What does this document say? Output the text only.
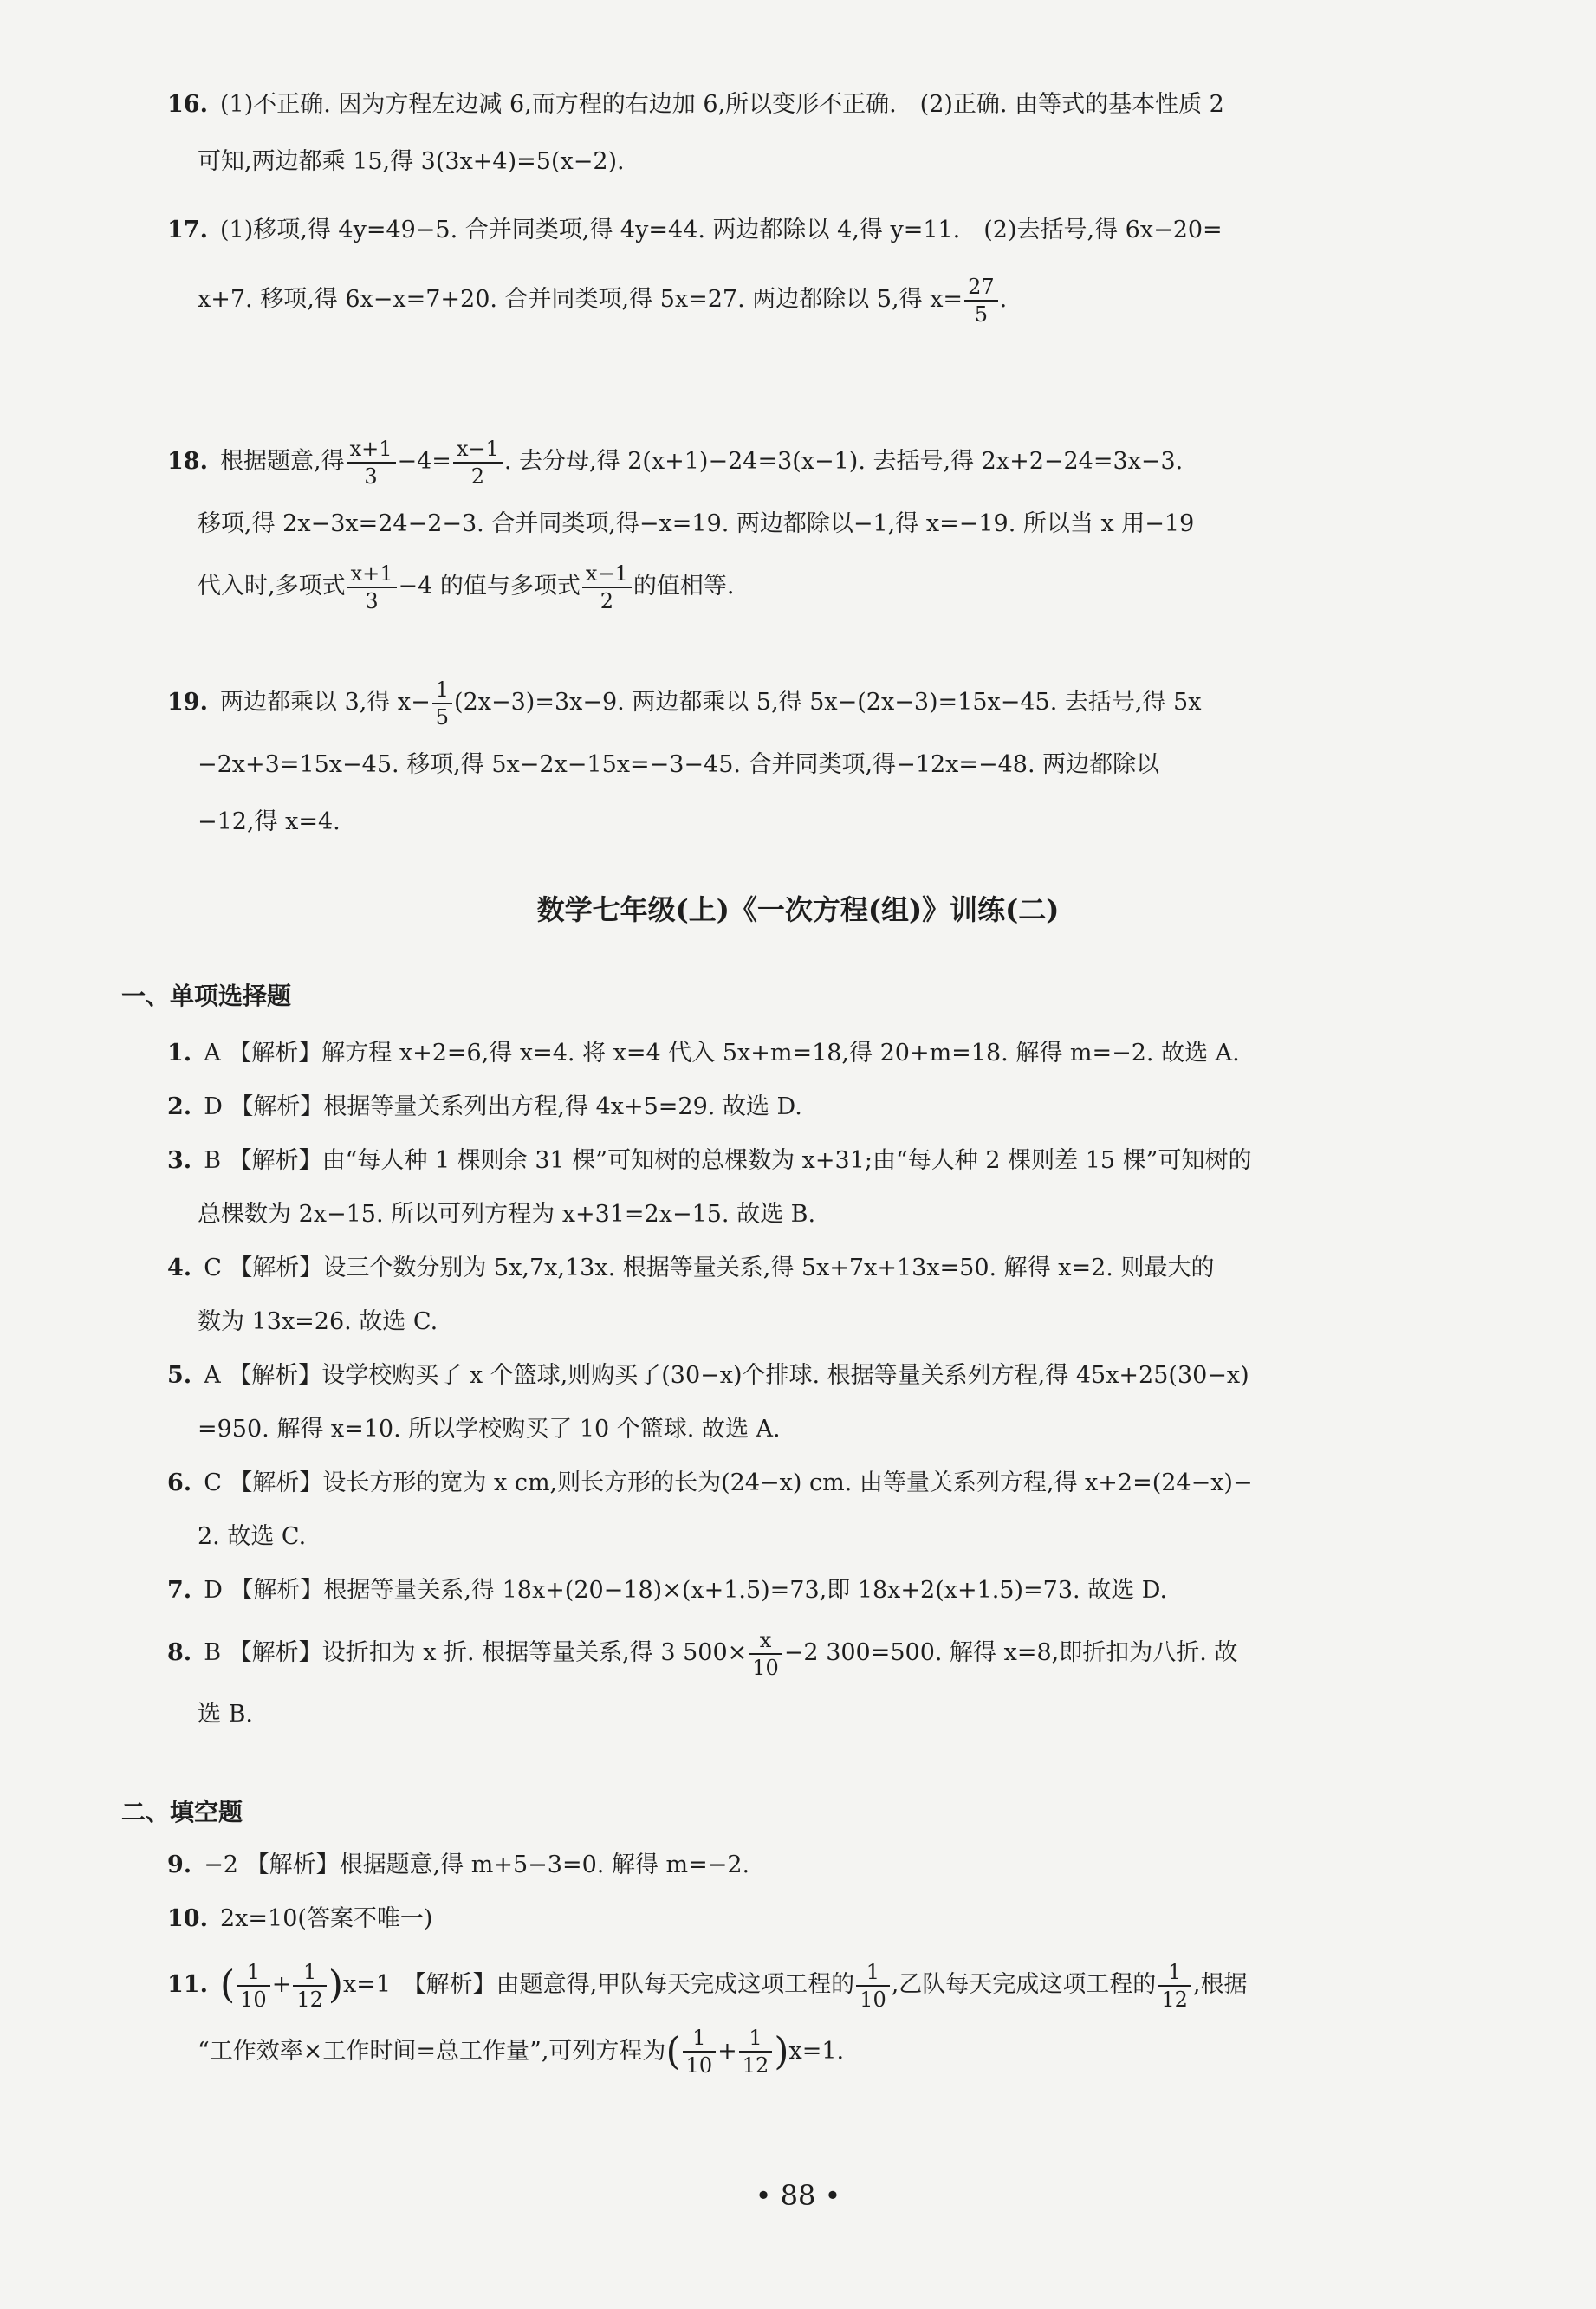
16. (1)不正确. 因为方程左边减 6,而方程的右边加 6,所以变形不正确.　(2)正确. 由等式的基本性质 2
可知,两边都乘 15,得 3(3x+4)=5(x−2).
17. (1)移项,得 4y=49−5. 合并同类项,得 4y=44. 两边都除以 4,得 y=11.　(2)去括号,得 6x−20=
x+7. 移项,得 6x−x=7+20. 合并同类项,得 5x=27. 两边都除以 5,得 $x= \frac{27}{5}$ .
18. 根据题意,得 $\frac{x+1}{3} -4= \frac{x-1}{2}$ . 去分母,得 2(x+1)−24=3(x−1). 去括号,得 2x+2−24=3x−3.
移项,得 2x−3x=24−2−3. 合并同类项,得−x=19. 两边都除以−1,得 x=−19. 所以当 x 用−19
代入时,多项式 $\frac{x+1}{3} -4$ 的值与多项式 $\frac{x-1}{2}$ 的值相等.
19. 两边都乘以 3,得 $x- \frac{1}{5} (2x-3)=3x-9$. 两边都乘以 5,得 5x−(2x−3)=15x−45. 去括号,得 5x
−2x+3=15x−45. 移项,得 5x−2x−15x=−3−45. 合并同类项,得−12x=−48. 两边都除以
−12,得 x=4.
数学七年级(上)《一次方程(组)》训练(二)
一、单项选择题
1. A 【解析】解方程 x+2=6,得 x=4. 将 x=4 代入 5x+m=18,得 20+m=18. 解得 m=−2. 故选 A.
2. D 【解析】根据等量关系列出方程,得 4x+5=29. 故选 D.
3. B 【解析】由“每人种 1 棵则余 31 棵”可知树的总棵数为 x+31;由“每人种 2 棵则差 15 棵”可知树的
总棵数为 2x−15. 所以可列方程为 x+31=2x−15. 故选 B.
4. C 【解析】设三个数分别为 5x,7x,13x. 根据等量关系,得 5x+7x+13x=50. 解得 x=2. 则最大的
数为 13x=26. 故选 C.
5. A 【解析】设学校购买了 x 个篮球,则购买了(30−x)个排球. 根据等量关系列方程,得 45x+25(30−x)
=950. 解得 x=10. 所以学校购买了 10 个篮球. 故选 A.
6. C 【解析】设长方形的宽为 x cm,则长方形的长为(24−x) cm. 由等量关系列方程,得 x+2=(24−x)−
2. 故选 C.
7. D 【解析】根据等量关系,得 18x+(20−18)×(x+1.5)=73,即 18x+2(x+1.5)=73. 故选 D.
8. B 【解析】设折扣为 x 折. 根据等量关系,得 3 $500\times \frac{x}{10} -2$ 300=500. 解得 x=8,即折扣为八折. 故
选 B.
二、填空题
9. −2 【解析】根据题意,得 m+5−3=0. 解得 m=−2.
10. 2x=10(答案不唯一)
11. ( $\frac{1}{10} + \frac{1}{12} )x=1$　【解析】由题意得,甲队每天完成这项工程的 $\frac{1}{10}$ ,乙队每天完成这项工程的 $\frac{1}{12}$ ,根据
“工作效率×工作时间=总工作量”,可列方程为( $\frac{1}{10} + \frac{1}{12} )x=1$.
• 88 •
